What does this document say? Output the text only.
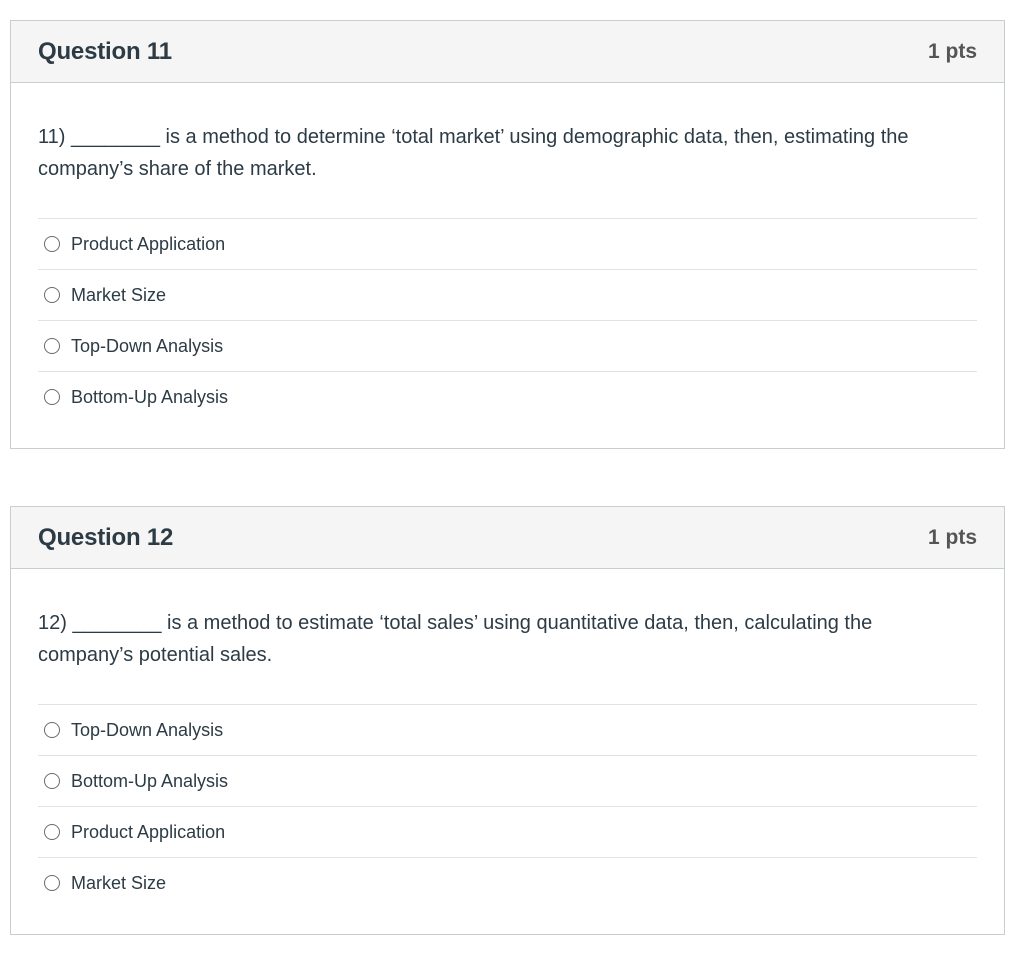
Question 11	1 pts

11) ________ is a method to determine ‘total market’ using demographic data, then, estimating the company’s share of the market.

Product Application
Market Size
Top-Down Analysis
Bottom-Up Analysis
Question 12	1 pts

12) ________ is a method to estimate ‘total sales’ using quantitative data, then, calculating the company’s potential sales.

Top-Down Analysis
Bottom-Up Analysis
Product Application
Market Size
